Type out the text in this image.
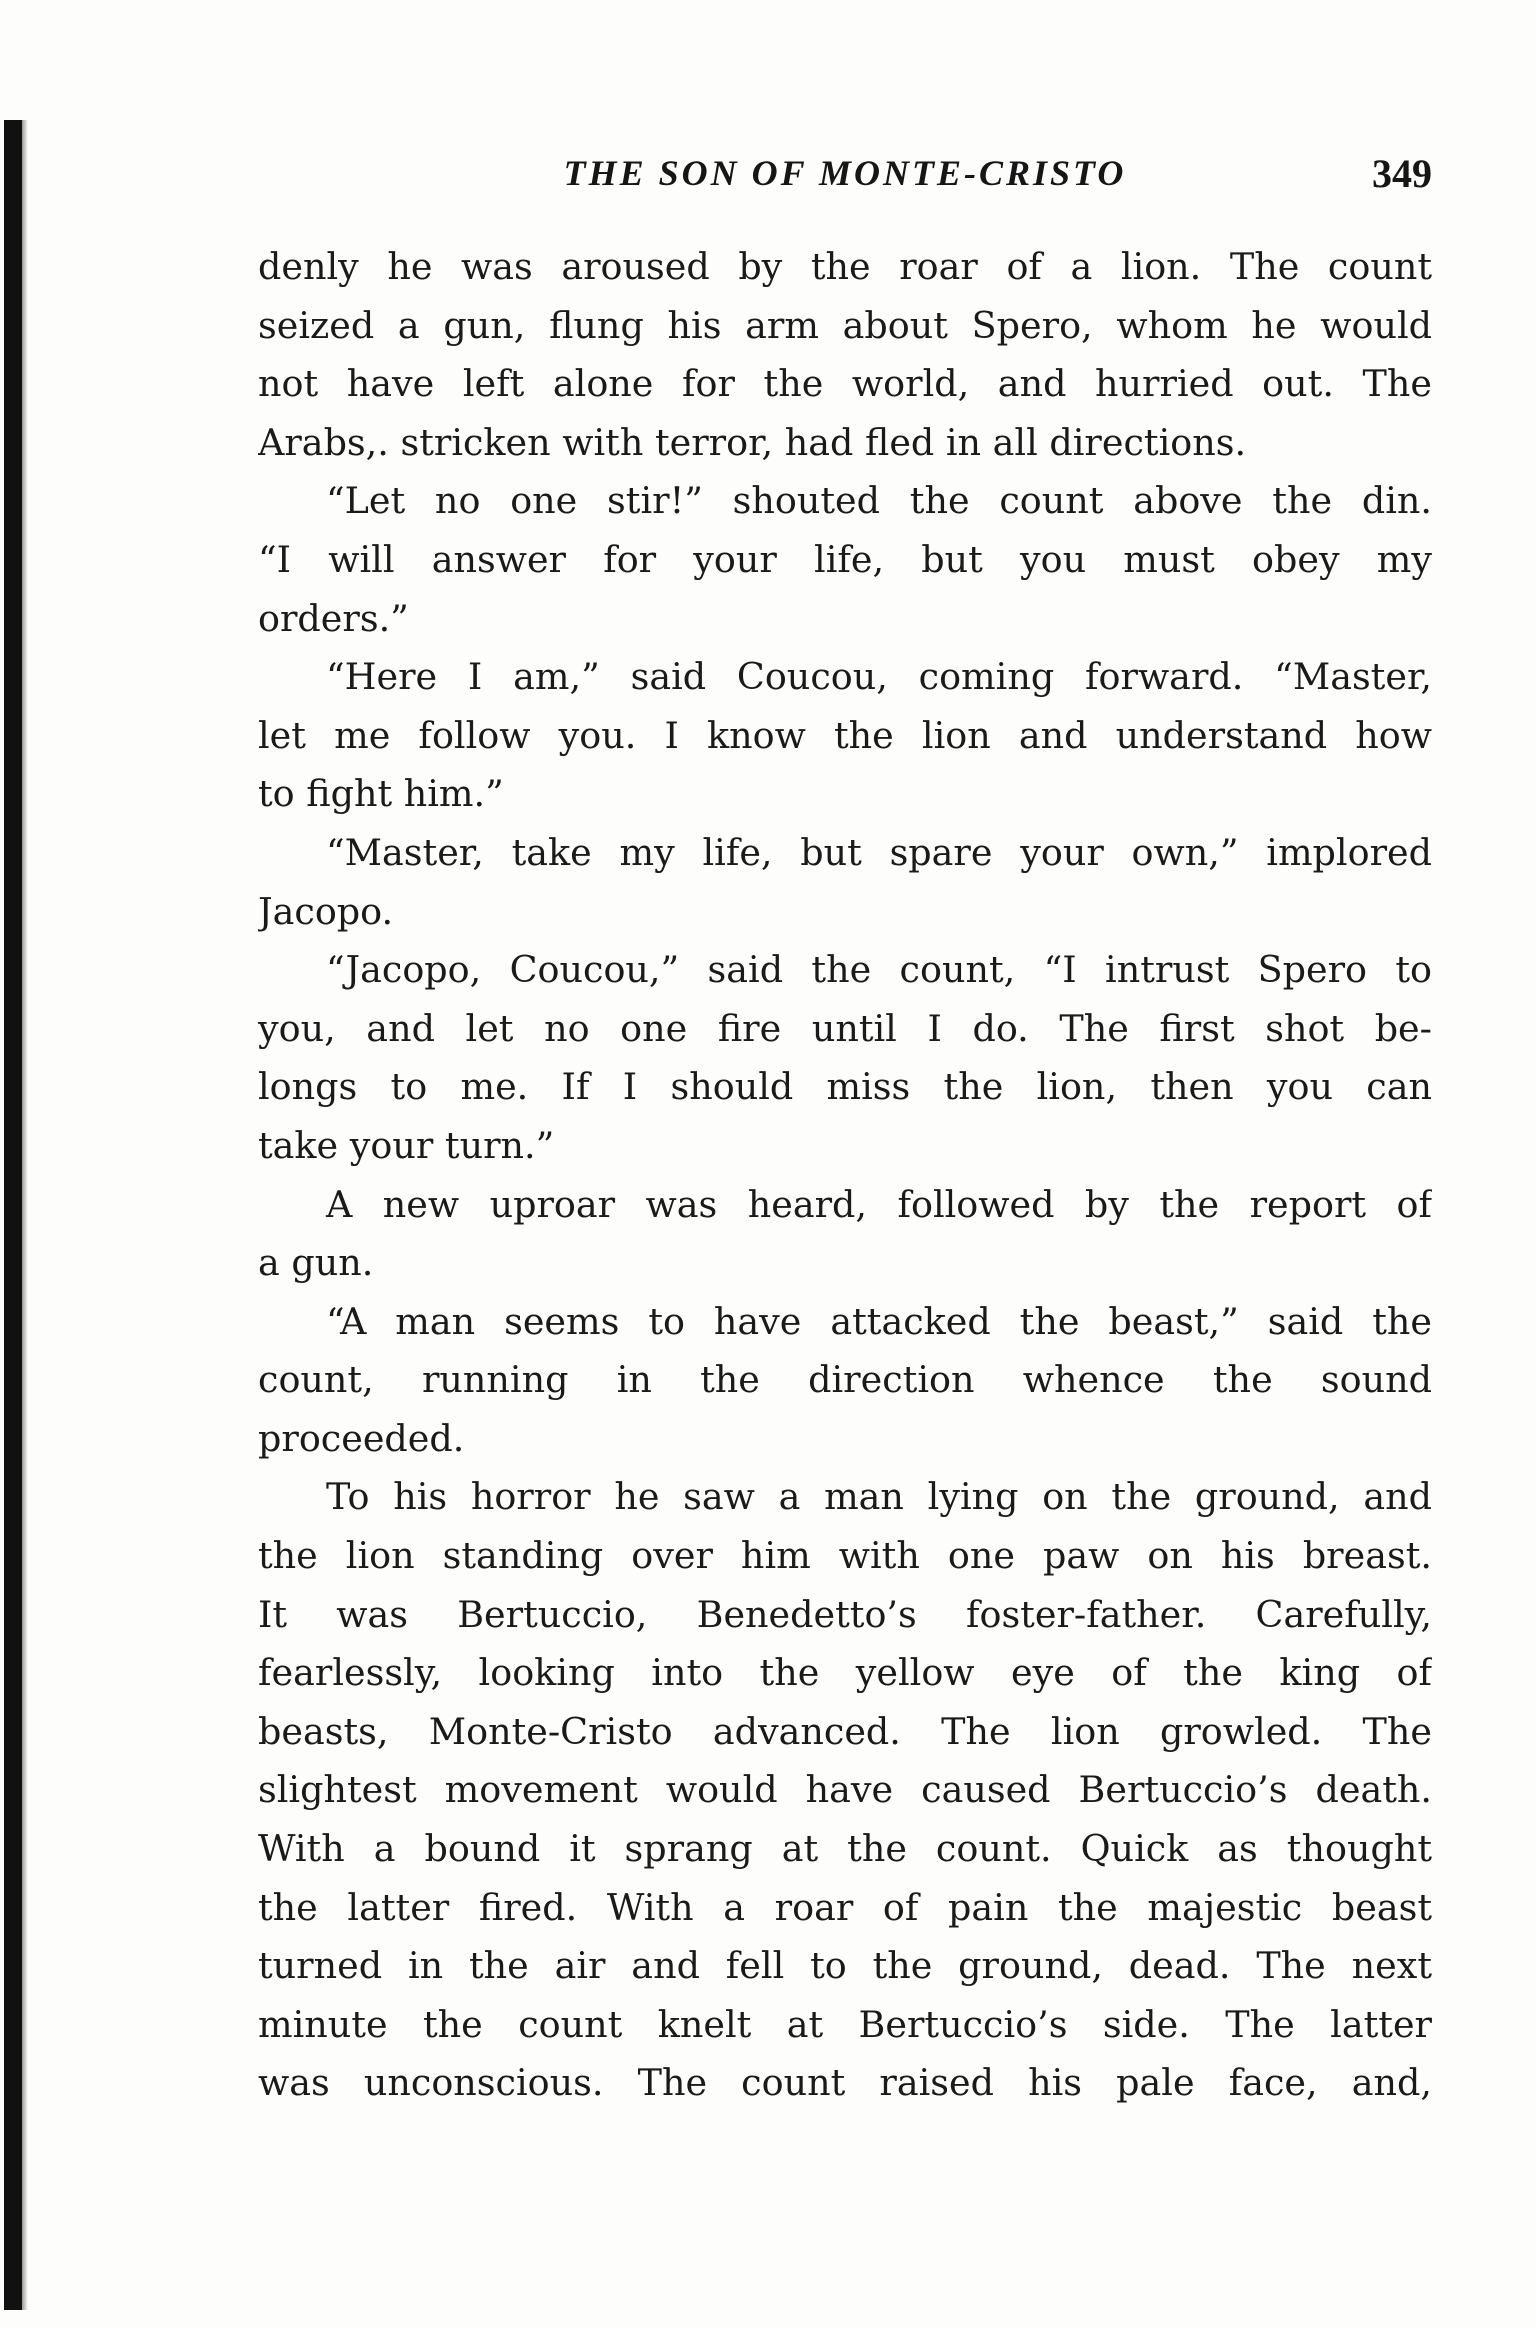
THE SON OF MONTE-CRISTO	349
denly he was aroused by the roar of a lion. The count
seized a gun, flung his arm about Spero, whom he would
not have left alone for the world, and hurried out. The
Arabs,. stricken with terror, had fled in all directions.
“Let no one stir!” shouted the count above the din.
“I will answer for your life, but you must obey my
orders.”
“Here I am,” said Coucou, coming forward. “Master,
let me follow you. I know the lion and understand how
to fight him.”
“Master, take my life, but spare your own,” implored
Jacopo.
“Jacopo, Coucou,” said the count, “I intrust Spero to
you, and let no one fire until I do. The first shot be-
longs to me. If I should miss the lion, then you can
take your turn.”
A new uproar was heard, followed by the report of
a gun.
“A man seems to have attacked the beast,” said the
count, running in the direction whence the sound
proceeded.
To his horror he saw a man lying on the ground, and
the lion standing over him with one paw on his breast.
It was Bertuccio, Benedetto’s foster-father. Carefully,
fearlessly, looking into the yellow eye of the king of
beasts, Monte-Cristo advanced. The lion growled. The
slightest movement would have caused Bertuccio’s death.
With a bound it sprang at the count. Quick as thought
the latter fired. With a roar of pain the majestic beast
turned in the air and fell to the ground, dead. The next
minute the count knelt at Bertuccio’s side. The latter
was unconscious. The count raised his pale face, and,
